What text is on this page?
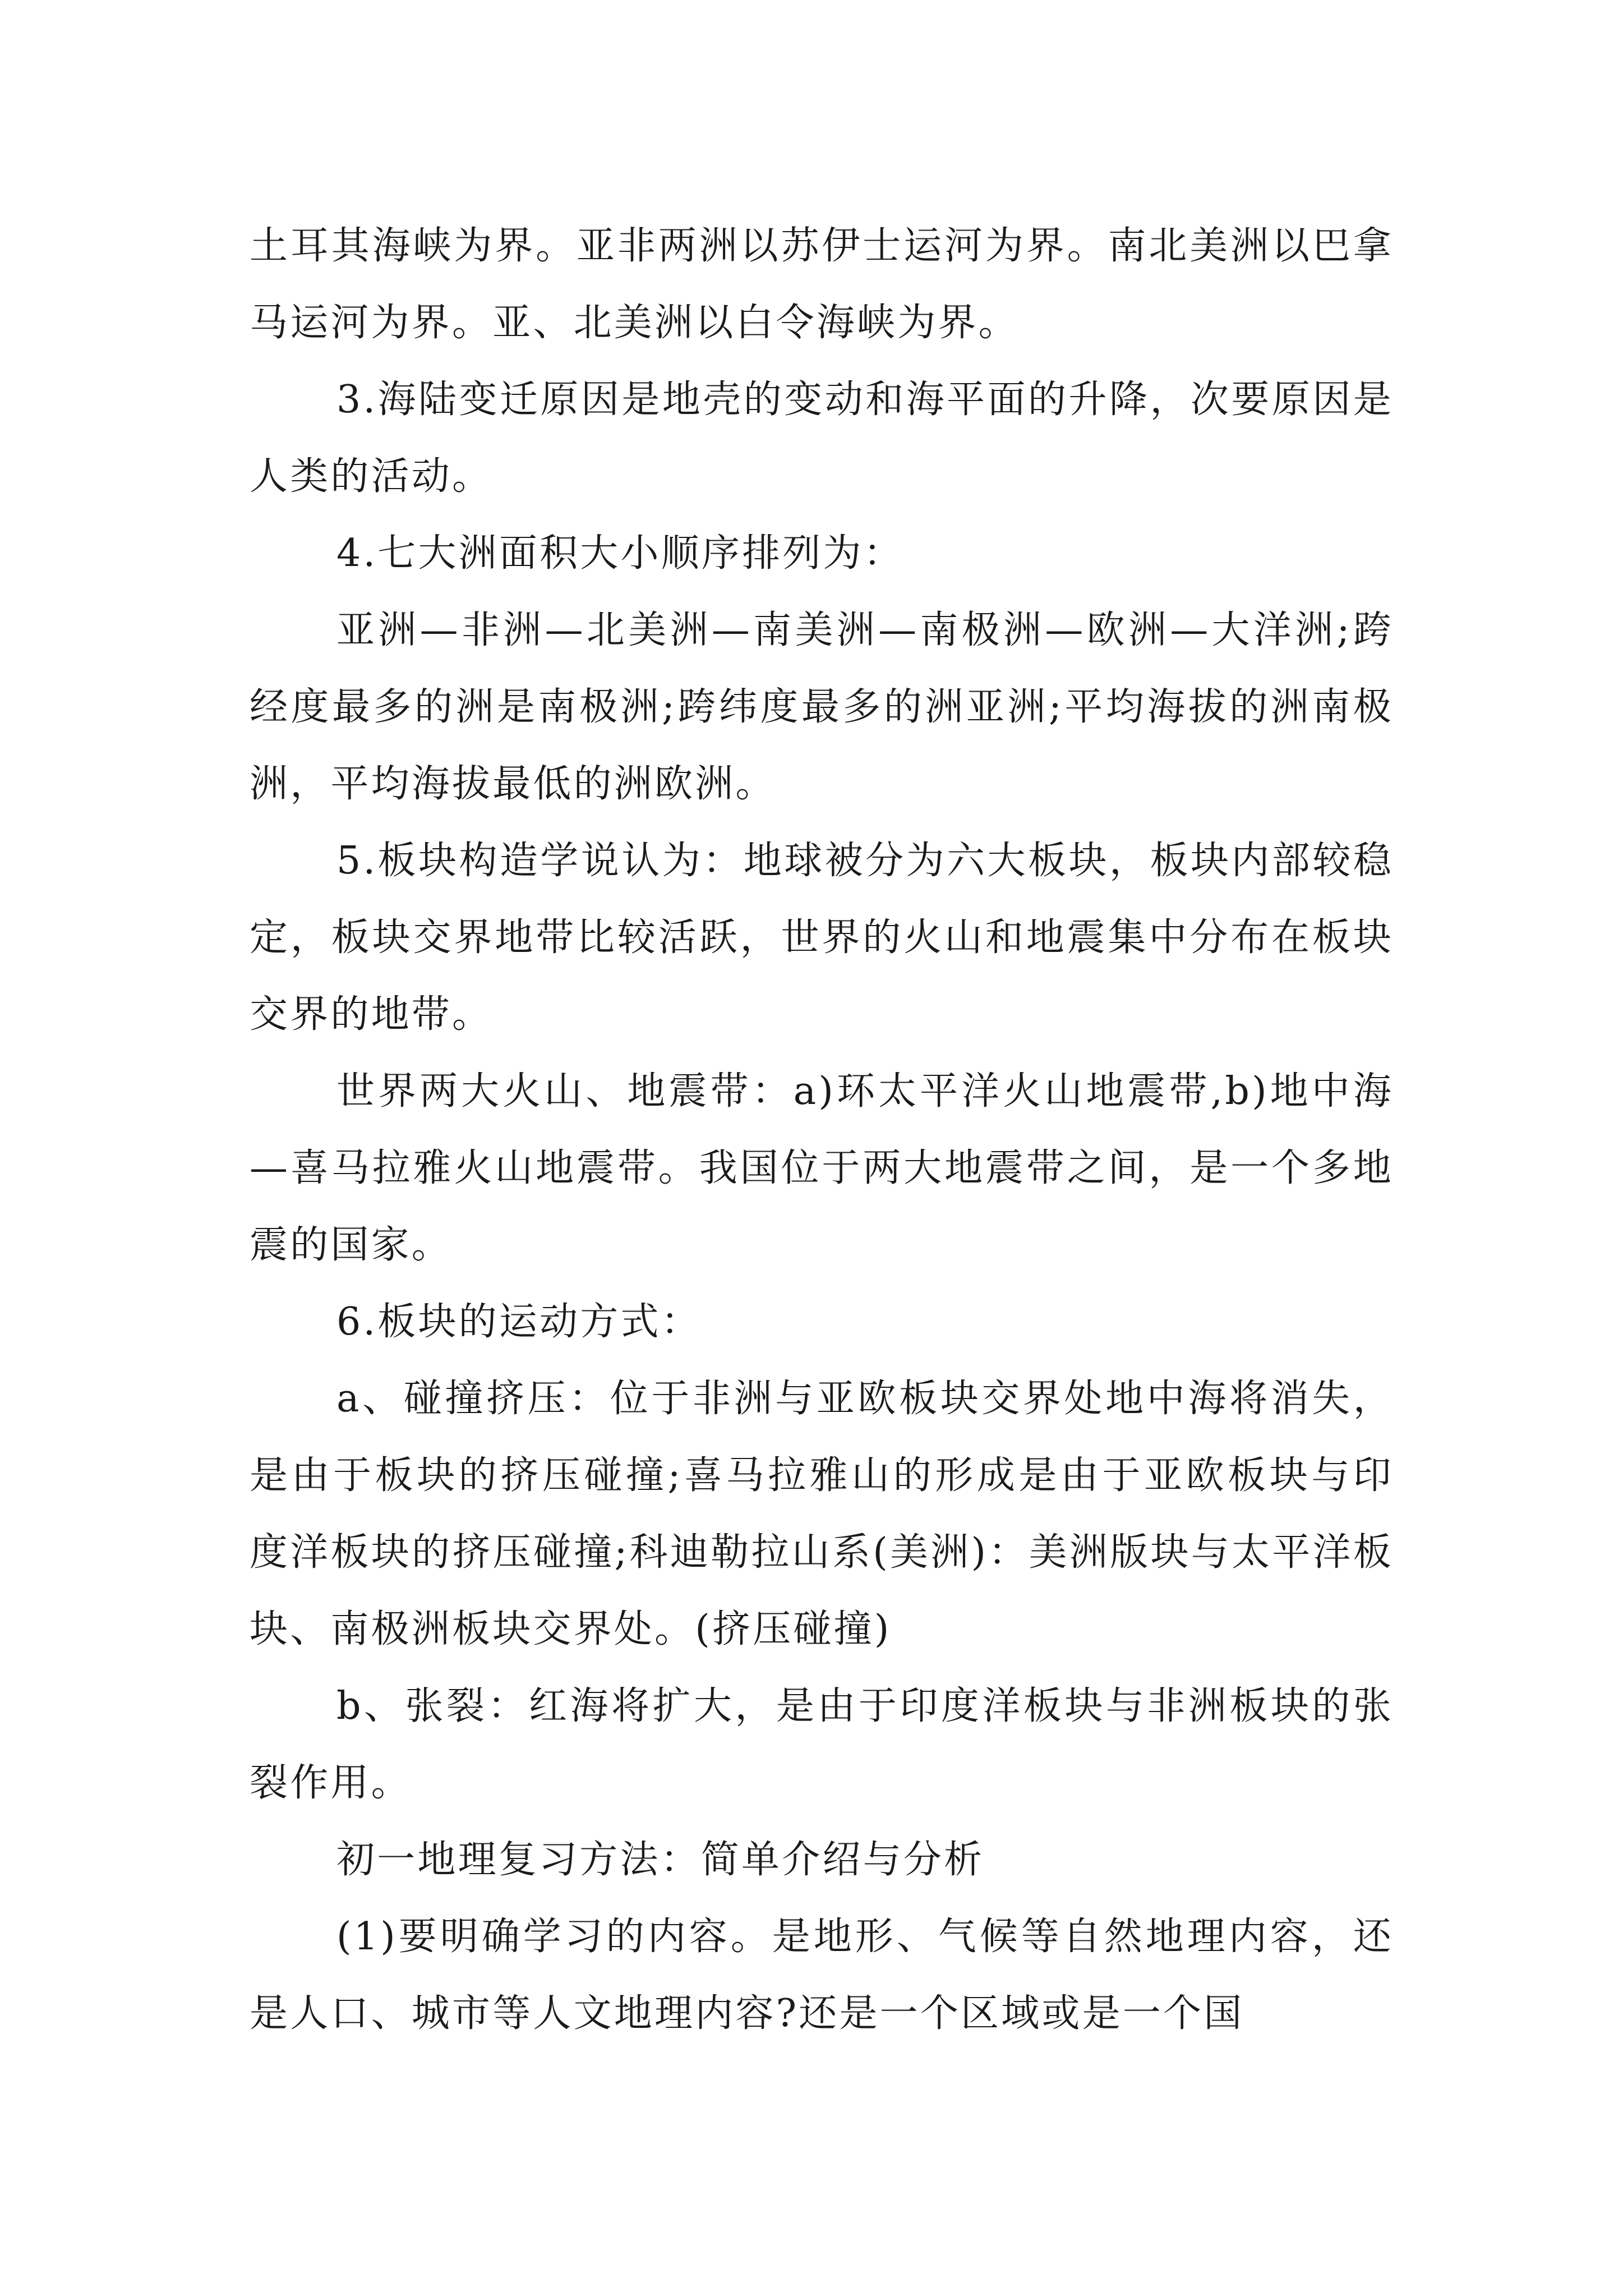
土耳其海峡为界。亚非两洲以苏伊士运河为界。南北美洲以巴拿马运河为界。亚、北美洲以白令海峡为界。

3.海陆变迁原因是地壳的变动和海平面的升降，次要原因是人类的活动。

4.七大洲面积大小顺序排列为：

亚洲—非洲—北美洲—南美洲—南极洲—欧洲—大洋洲;跨经度最多的洲是南极洲;跨纬度最多的洲亚洲;平均海拔的洲南极洲，平均海拔最低的洲欧洲。

5.板块构造学说认为：地球被分为六大板块，板块内部较稳定，板块交界地带比较活跃，世界的火山和地震集中分布在板块交界的地带。

世界两大火山、地震带：a)环太平洋火山地震带,b)地中海—喜马拉雅火山地震带。我国位于两大地震带之间，是一个多地震的国家。

6.板块的运动方式：

a、碰撞挤压：位于非洲与亚欧板块交界处地中海将消失，是由于板块的挤压碰撞;喜马拉雅山的形成是由于亚欧板块与印度洋板块的挤压碰撞;科迪勒拉山系(美洲)：美洲版块与太平洋板块、南极洲板块交界处。(挤压碰撞)

b、张裂：红海将扩大，是由于印度洋板块与非洲板块的张裂作用。

初一地理复习方法：简单介绍与分析

(1)要明确学习的内容。是地形、气候等自然地理内容，还是人口、城市等人文地理内容?还是一个区域或是一个国
